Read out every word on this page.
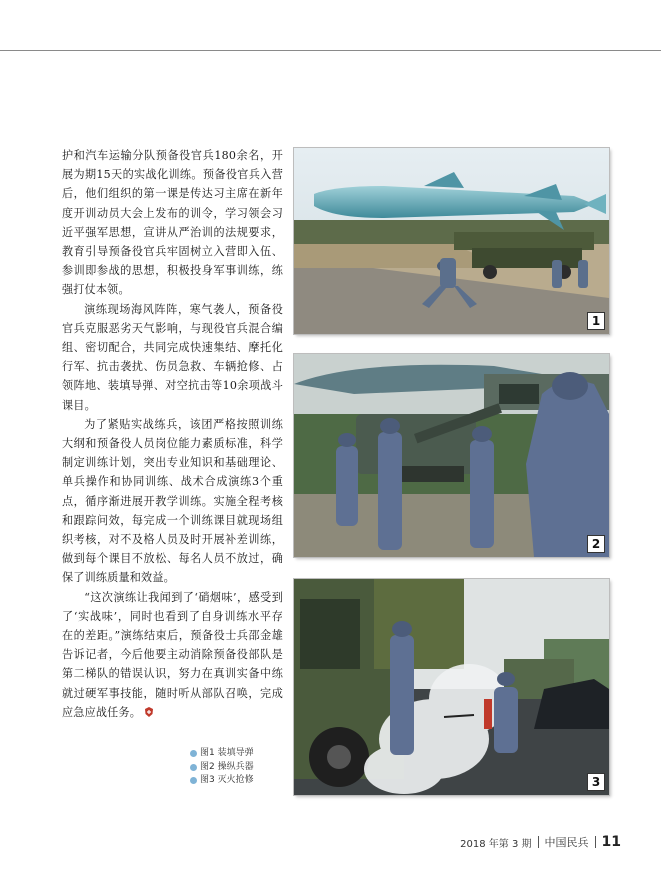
护和汽车运输分队预备役官兵180余名，开展为期15天的实战化训练。预备役官兵入营后，他们组织的第一课是传达习主席在新年度开训动员大会上发布的训令，学习领会习近平强军思想，宣讲从严治训的法规要求，教育引导预备役官兵牢固树立入营即入伍、参训即参战的思想，积极投身军事训练，练强打仗本领。

演练现场海风阵阵，寒气袭人，预备役官兵克服恶劣天气影响，与现役官兵混合编组、密切配合，共同完成快速集结、摩托化行军、抗击袭扰、伤员急救、车辆抢修、占领阵地、装填导弹、对空抗击等10余项战斗课目。

为了紧贴实战练兵，该团严格按照训练大纲和预备役人员岗位能力素质标准，科学制定训练计划，突出专业知识和基础理论、单兵操作和协同训练、战术合成演练3个重点，循序渐进展开教学训练。实施全程考核和跟踪问效，每完成一个训练课目就现场组织考核，对不及格人员及时开展补差训练，做到每个课目不放松、每名人员不放过，确保了训练质量和效益。

“这次演练让我闻到了‘硝烟味’，感受到了‘实战味’，同时也看到了自身训练水平存在的差距。”演练结束后，预备役士兵邵金雄告诉记者，今后他要主动消除预备役部队是第二梯队的错误认识，努力在真训实备中练就过硬军事技能，随时听从部队召唤，完成应急应战任务。

1
2
3
图1 装填导弹
图2 操纵兵器
图3 灭火抢修
2018 年第 3 期 中国民兵 11
